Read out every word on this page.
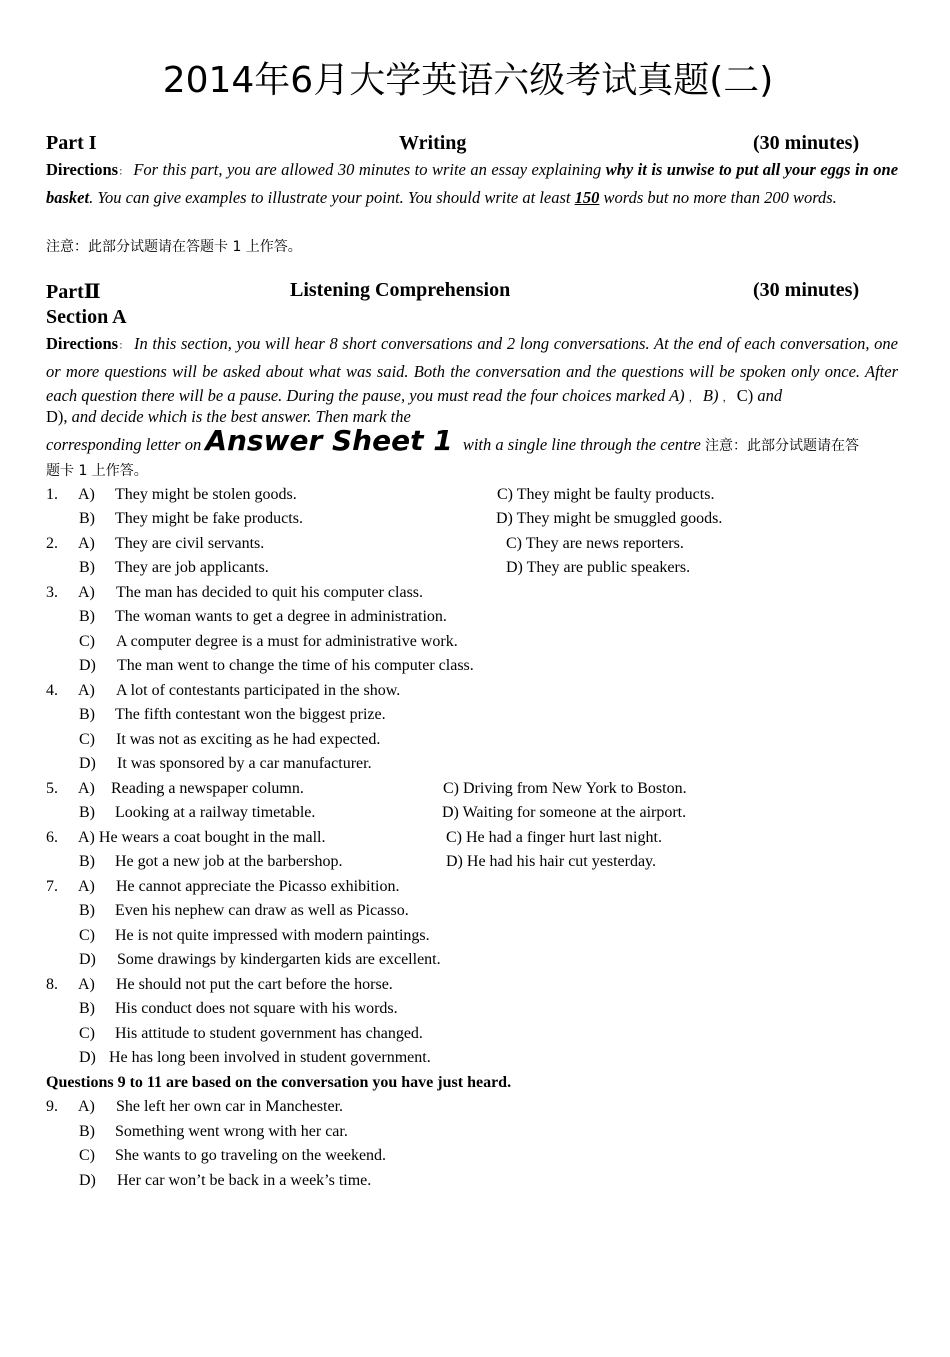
2014年6月大学英语六级考试真题(二)
Part I	Writing	(30 minutes)
Directions： For this part, you are allowed 30 minutes to write an essay explaining why it is unwise to put all your eggs in one basket. You can give examples to illustrate your point. You should write at least 150 words but no more than 200 words.
注意：此部分试题请在答题卡 1 上作答。
PartⅡ	Listening Comprehension	(30 minutes)
Section A
Directions： In this section, you will hear 8 short conversations and 2 long conversations. At the end of each conversation, one or more questions will be asked about what was said. Both the conversation and the questions will be spoken only once. After each question there will be a pause. During the pause, you must read the four choices marked A) ， B) ， C) and
D), and decide which is the best answer. Then mark the
corresponding letter on Answer Sheet 1 with a single line through the centre 注意：此部分试题请在答
题卡 1 上作答。
1. A) They might be stolen goods.	C) They might be faulty products.
B) They might be fake products.	D) They might be smuggled goods.
2. A) They are civil servants.	C) They are news reporters.
B) They are job applicants.	D) They are public speakers.
3. A) The man has decided to quit his computer class.
B) The woman wants to get a degree in administration.
C) A computer degree is a must for administrative work.
D) The man went to change the time of his computer class.
4. A) A lot of contestants participated in the show.
B) The fifth contestant won the biggest prize.
C) It was not as exciting as he had expected.
D) It was sponsored by a car manufacturer.
5. A) Reading a newspaper column.	C) Driving from New York to Boston.
B) Looking at a railway timetable.	D) Waiting for someone at the airport.
6. A) He wears a coat bought in the mall.	C) He had a finger hurt last night.
B) He got a new job at the barbershop.	D) He had his hair cut yesterday.
7. A) He cannot appreciate the Picasso exhibition.
B) Even his nephew can draw as well as Picasso.
C) He is not quite impressed with modern paintings.
D) Some drawings by kindergarten kids are excellent.
8. A) He should not put the cart before the horse.
B) His conduct does not square with his words.
C) His attitude to student government has changed.
D) He has long been involved in student government.
Questions 9 to 11 are based on the conversation you have just heard.
9. A) She left her own car in Manchester.
B) Something went wrong with her car.
C) She wants to go traveling on the weekend.
D) Her car won’t be back in a week’s time.
